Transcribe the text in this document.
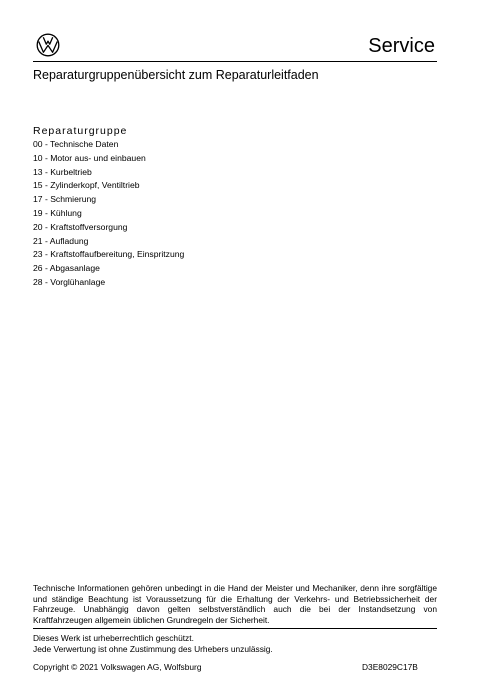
Service
Reparaturgruppenübersicht zum Reparaturleitfaden
Reparaturgruppe
00 - Technische Daten
10 - Motor aus- und einbauen
13 - Kurbeltrieb
15 - Zylinderkopf, Ventiltrieb
17 - Schmierung
19 - Kühlung
20 - Kraftstoffversorgung
21 - Aufladung
23 - Kraftstoffaufbereitung, Einspritzung
26 - Abgasanlage
28 - Vorglühanlage

Technische Informationen gehören unbedingt in die Hand der Meister und Mechaniker, denn ihre sorgfältige und ständige Beachtung ist Voraussetzung für die Erhaltung der Verkehrs- und Betriebssicherheit der Fahrzeuge. Unabhängig davon gelten selbstverständlich auch die bei der Instandsetzung von Kraftfahrzeugen allgemein üblichen Grundregeln der Sicherheit.

Dieses Werk ist urheberrechtlich geschützt.
Jede Verwertung ist ohne Zustimmung des Urhebers unzulässig.
Copyright © 2021 Volkswagen AG, Wolfsburg	D3E8029C17B
